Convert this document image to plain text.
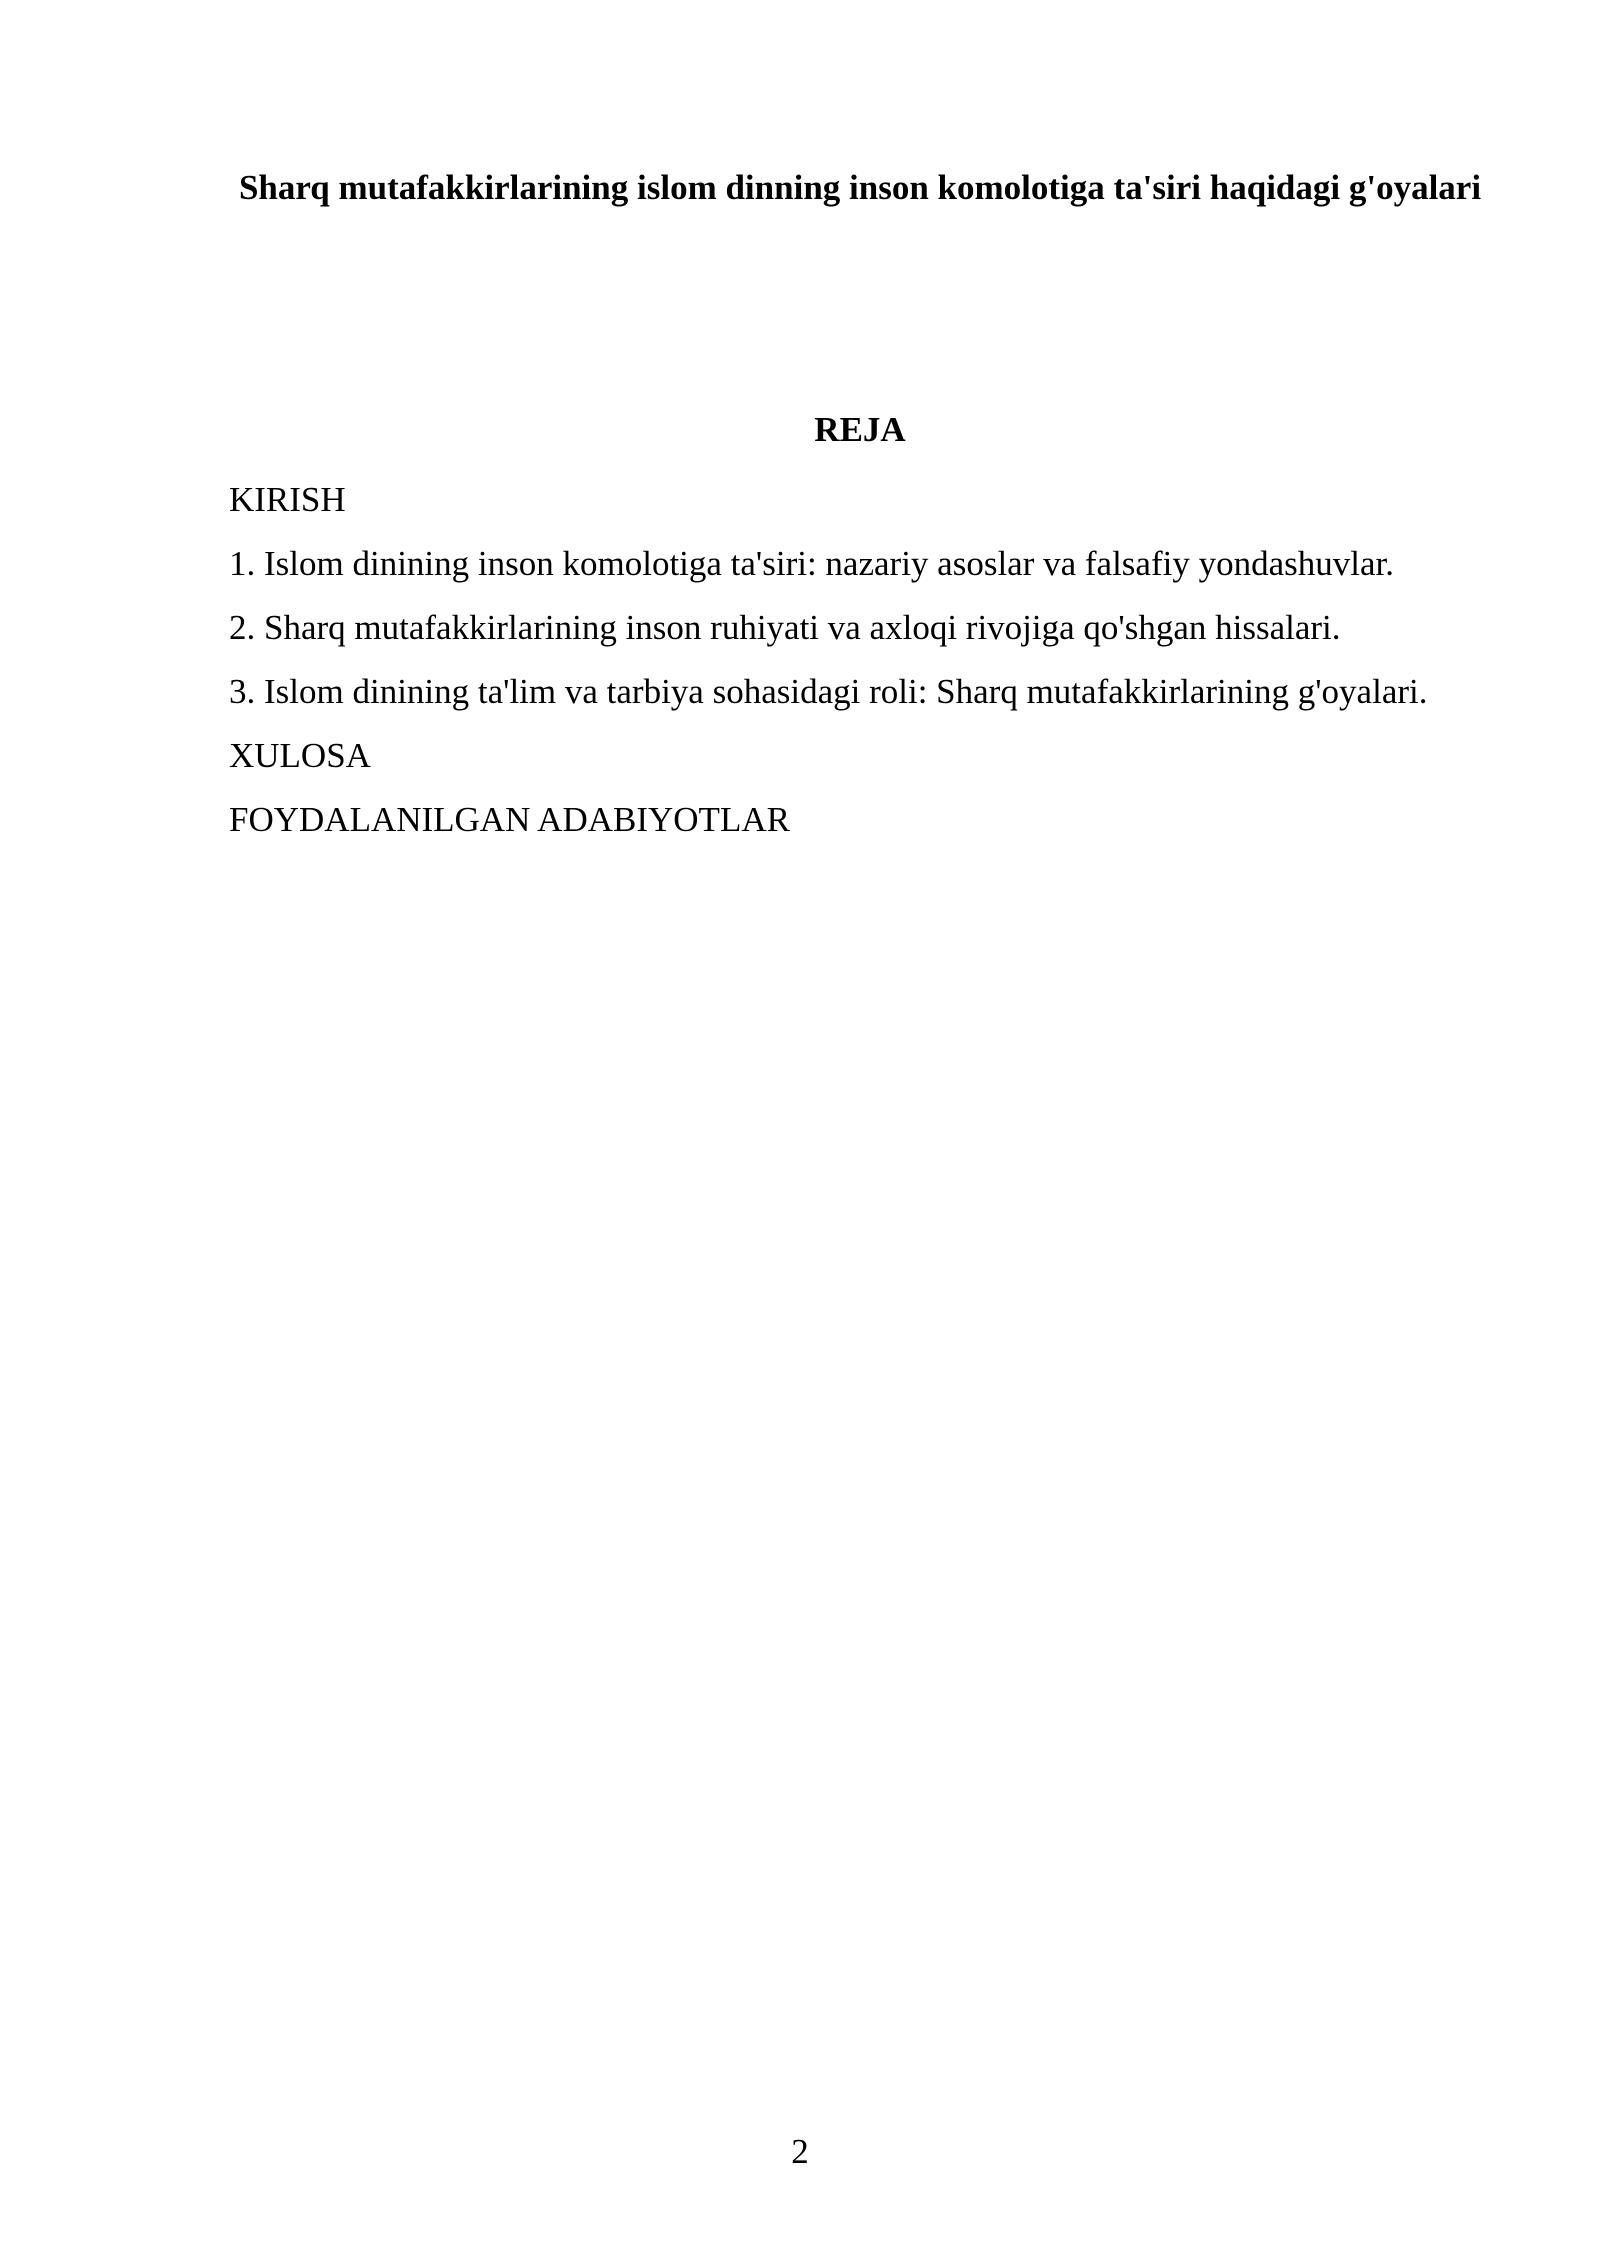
Sharq mutafakkirlarining islom dinning inson komolotiga ta'siri haqidagi g'oyalari
REJA
KIRISH
1. Islom dinining inson komolotiga ta'siri: nazariy asoslar va falsafiy yondashuvlar.
2. Sharq mutafakkirlarining inson ruhiyati va axloqi rivojiga qo'shgan hissalari.
3. Islom dinining ta'lim va tarbiya sohasidagi roli: Sharq mutafakkirlarining g'oyalari.
XULOSA
FOYDALANILGAN ADABIYOTLAR
2
